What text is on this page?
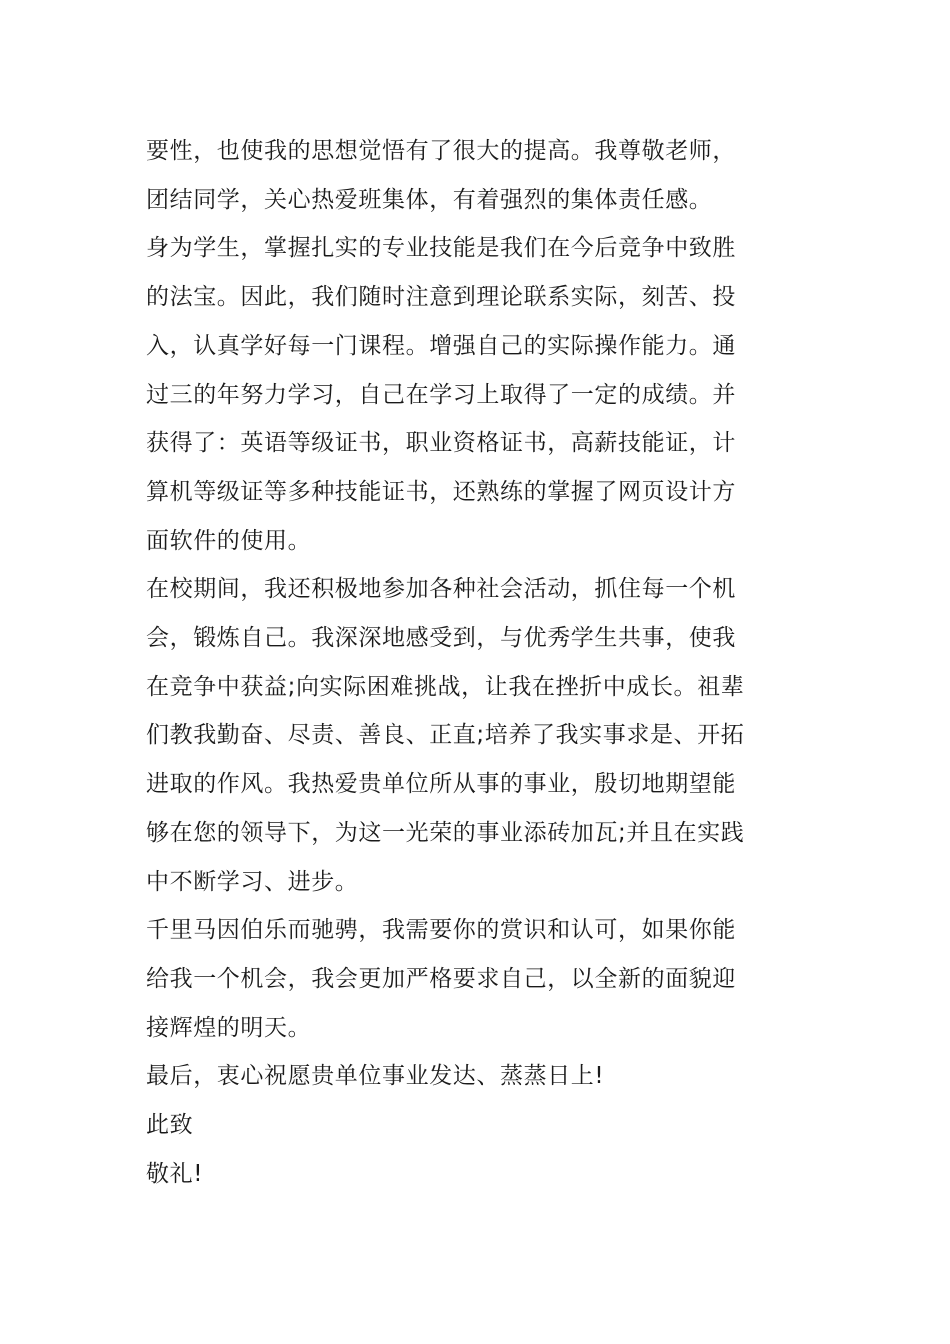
要性，也使我的思想觉悟有了很大的提高。我尊敬老师，
团结同学，关心热爱班集体，有着强烈的集体责任感。
身为学生，掌握扎实的专业技能是我们在今后竞争中致胜
的法宝。因此，我们随时注意到理论联系实际，刻苦、投
入，认真学好每一门课程。增强自己的实际操作能力。通
过三的年努力学习，自己在学习上取得了一定的成绩。并
获得了：英语等级证书，职业资格证书，高薪技能证，计
算机等级证等多种技能证书，还熟练的掌握了网页设计方
面软件的使用。
在校期间，我还积极地参加各种社会活动，抓住每一个机
会，锻炼自己。我深深地感受到，与优秀学生共事，使我
在竞争中获益;向实际困难挑战，让我在挫折中成长。祖辈
们教我勤奋、尽责、善良、正直;培养了我实事求是、开拓
进取的作风。我热爱贵单位所从事的事业，殷切地期望能
够在您的领导下，为这一光荣的事业添砖加瓦;并且在实践
中不断学习、进步。
千里马因伯乐而驰骋，我需要你的赏识和认可，如果你能
给我一个机会，我会更加严格要求自己，以全新的面貌迎
接辉煌的明天。
最后，衷心祝愿贵单位事业发达、蒸蒸日上!
此致
敬礼!
